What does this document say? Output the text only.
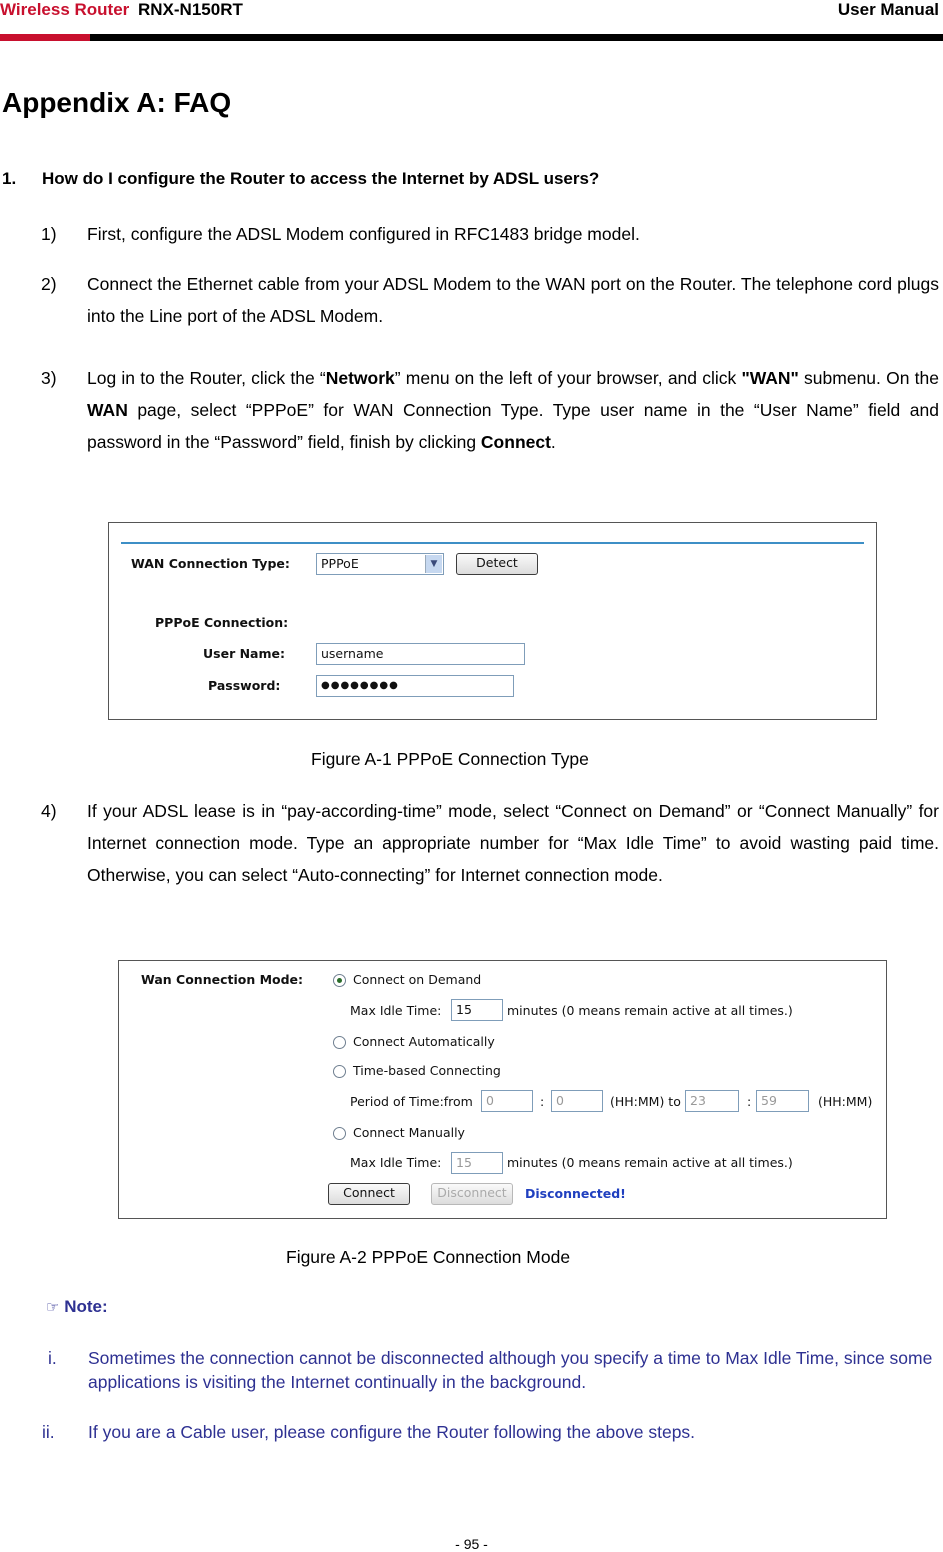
Wireless Router RNX-N150RT	User Manual
Appendix A: FAQ
1. How do I configure the Router to access the Internet by ADSL users?
1) First, configure the ADSL Modem configured in RFC1483 bridge model.
2) Connect the Ethernet cable from your ADSL Modem to the WAN port on the Router. The telephone cord plugs into the Line port of the ADSL Modem.
3) Log in to the Router, click the “Network” menu on the left of your browser, and click "WAN" submenu. On the WAN page, select “PPPoE” for WAN Connection Type. Type user name in the “User Name” field and password in the “Password” field, finish by clicking Connect.
WAN Connection Type:	PPPoE	▼	Detect
PPPoE Connection:
User Name:	username
Password:	●●●●●●●●
Figure A-1 PPPoE Connection Type
4) If your ADSL lease is in “pay-according-time” mode, select “Connect on Demand” or “Connect Manually” for Internet connection mode. Type an appropriate number for “Max Idle Time” to avoid wasting paid time. Otherwise, you can select “Auto-connecting” for Internet connection mode.
Wan Connection Mode:	Connect on Demand
Max Idle Time:	15	minutes (0 means remain active at all times.)
Connect Automatically
Time-based Connecting
Period of Time:from	0	: 0	(HH:MM) to 23	: 59	(HH:MM)
Connect Manually
Max Idle Time:	15	minutes (0 means remain active at all times.)
Connect	Disconnect	Disconnected!
Figure A-2 PPPoE Connection Mode
☞ Note:
i. Sometimes the connection cannot be disconnected although you specify a time to Max Idle Time, since some applications is visiting the Internet continually in the background.
ii. If you are a Cable user, please configure the Router following the above steps.
- 95 -
